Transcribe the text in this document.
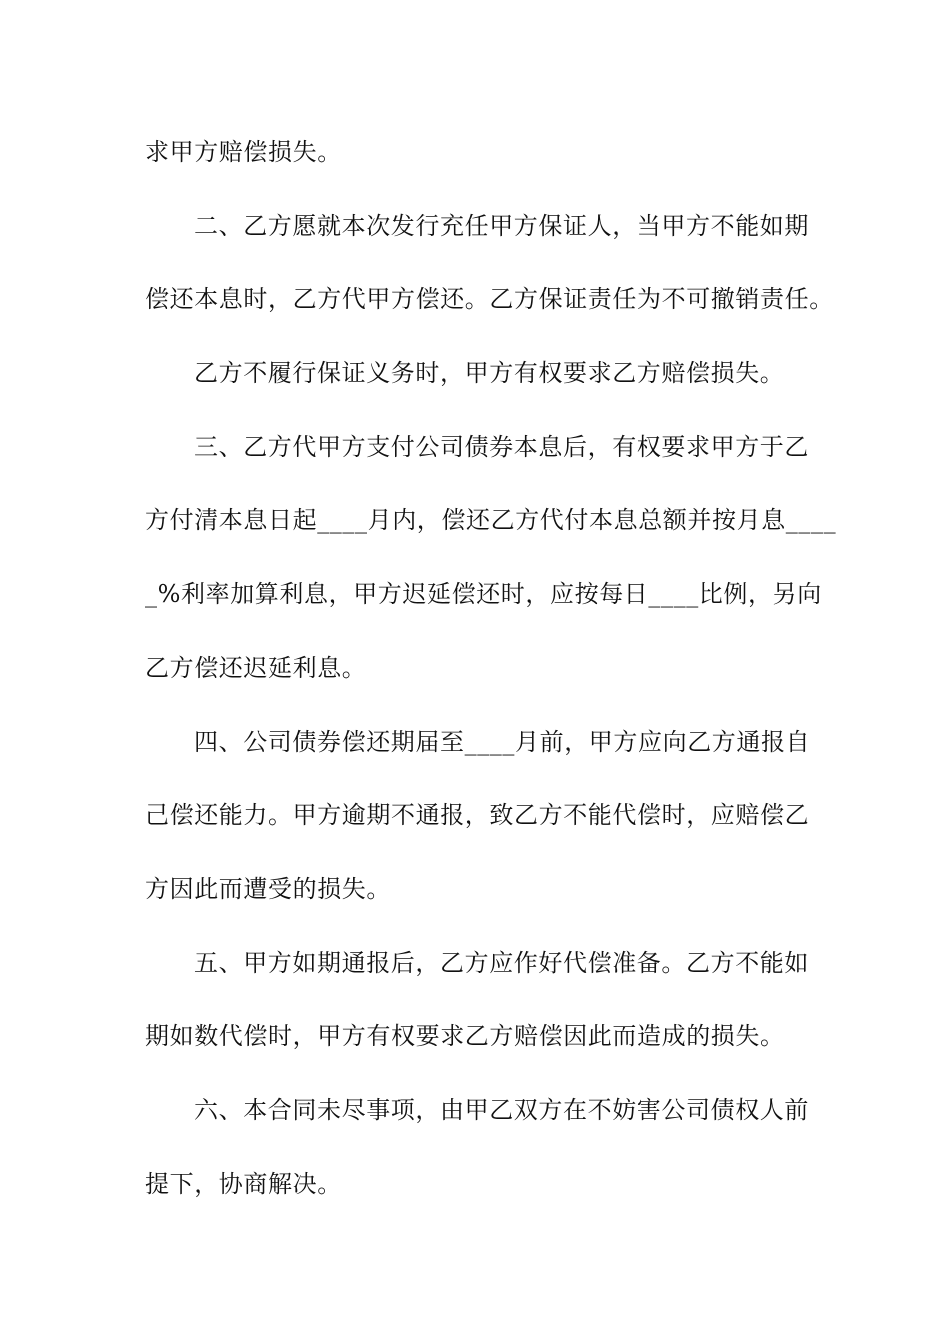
求甲方赔偿损失。
二、乙方愿就本次发行充任甲方保证人，当甲方不能如期
偿还本息时，乙方代甲方偿还。乙方保证责任为不可撤销责任。
乙方不履行保证义务时，甲方有权要求乙方赔偿损失。
三、乙方代甲方支付公司债券本息后，有权要求甲方于乙
方付清本息日起____月内，偿还乙方代付本息总额并按月息____
_%利率加算利息，甲方迟延偿还时，应按每日____比例，另向
乙方偿还迟延利息。
四、公司债券偿还期届至____月前，甲方应向乙方通报自
己偿还能力。甲方逾期不通报，致乙方不能代偿时，应赔偿乙
方因此而遭受的损失。
五、甲方如期通报后，乙方应作好代偿准备。乙方不能如
期如数代偿时，甲方有权要求乙方赔偿因此而造成的损失。
六、本合同未尽事项，由甲乙双方在不妨害公司债权人前
提下，协商解决。
